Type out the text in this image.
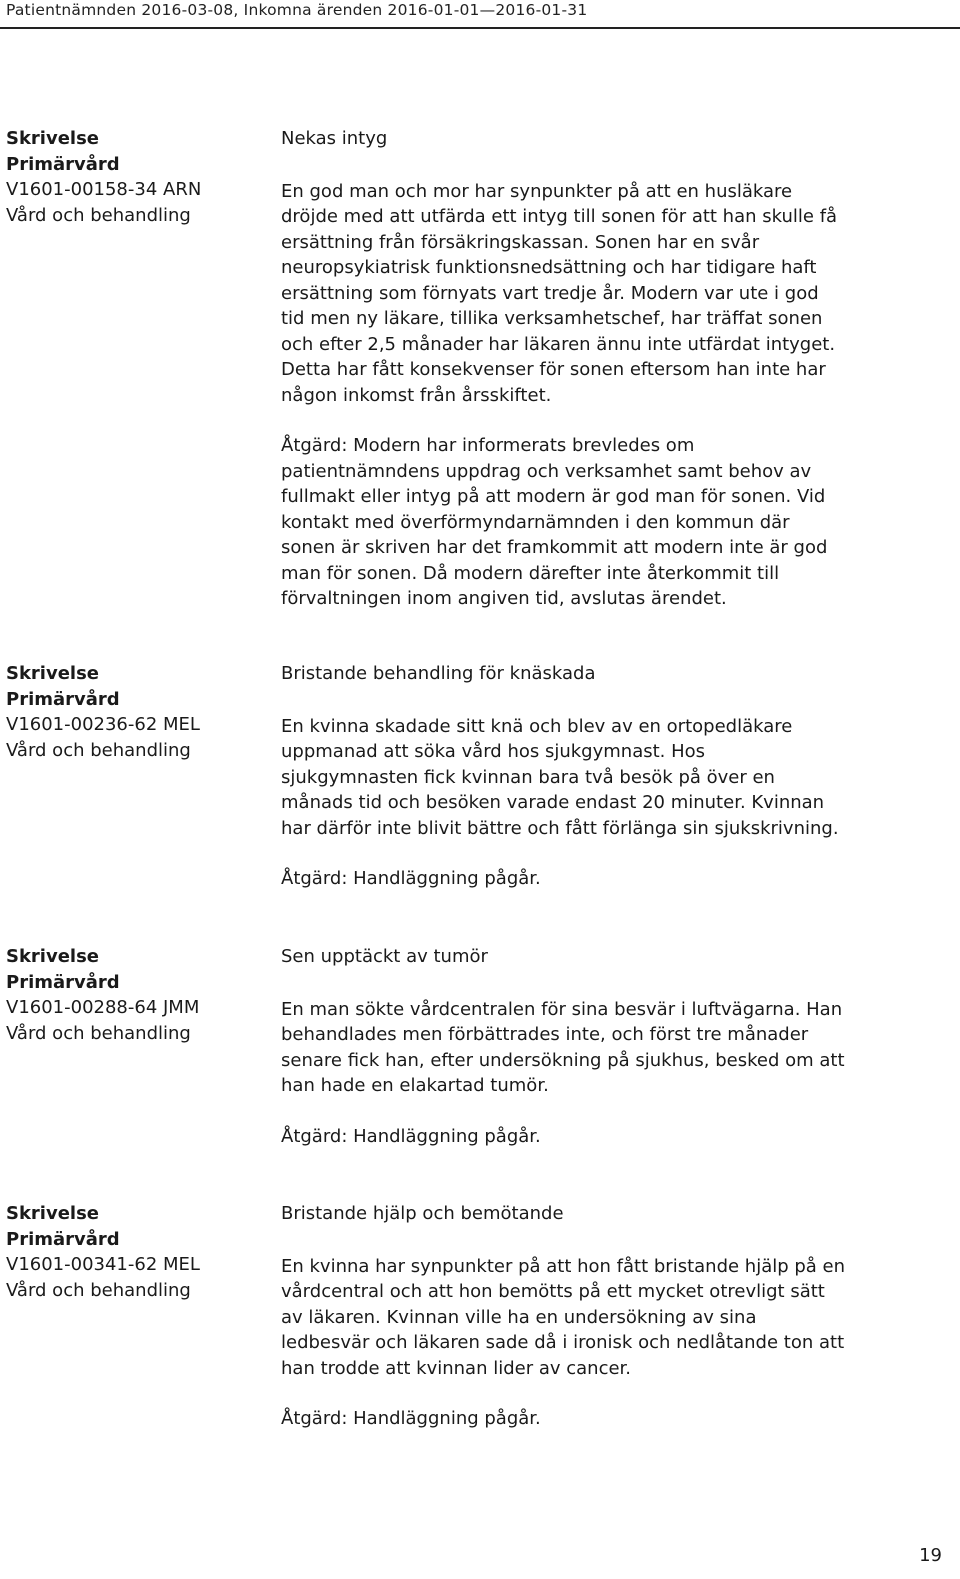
Patientnämnden 2016-03-08, Inkomna ärenden 2016-01-01—2016-01-31
Skrivelse
Primärvård
V1601-00158-34 ARN
Vård och behandling
Nekas intyg
En god man och mor har synpunkter på att en husläkare
dröjde med att utfärda ett intyg till sonen för att han skulle få
ersättning från försäkringskassan. Sonen har en svår
neuropsykiatrisk funktionsnedsättning och har tidigare haft
ersättning som förnyats vart tredje år. Modern var ute i god
tid men ny läkare, tillika verksamhetschef, har träffat sonen
och efter 2,5 månader har läkaren ännu inte utfärdat intyget.
Detta har fått konsekvenser för sonen eftersom han inte har
någon inkomst från årsskiftet.
Åtgärd: Modern har informerats brevledes om
patientnämndens uppdrag och verksamhet samt behov av
fullmakt eller intyg på att modern är god man för sonen. Vid
kontakt med överförmyndarnämnden i den kommun där
sonen är skriven har det framkommit att modern inte är god
man för sonen. Då modern därefter inte återkommit till
förvaltningen inom angiven tid, avslutas ärendet.
Skrivelse
Primärvård
V1601-00236-62 MEL
Vård och behandling
Bristande behandling för knäskada
En kvinna skadade sitt knä och blev av en ortopedläkare
uppmanad att söka vård hos sjukgymnast. Hos
sjukgymnasten fick kvinnan bara två besök på över en
månads tid och besöken varade endast 20 minuter. Kvinnan
har därför inte blivit bättre och fått förlänga sin sjukskrivning.
Åtgärd: Handläggning pågår.
Skrivelse
Primärvård
V1601-00288-64 JMM
Vård och behandling
Sen upptäckt av tumör
En man sökte vårdcentralen för sina besvär i luftvägarna. Han
behandlades men förbättrades inte, och först tre månader
senare fick han, efter undersökning på sjukhus, besked om att
han hade en elakartad tumör.
Åtgärd: Handläggning pågår.
Skrivelse
Primärvård
V1601-00341-62 MEL
Vård och behandling
Bristande hjälp och bemötande
En kvinna har synpunkter på att hon fått bristande hjälp på en
vårdcentral och att hon bemötts på ett mycket otrevligt sätt
av läkaren. Kvinnan ville ha en undersökning av sina
ledbesvär och läkaren sade då i ironisk och nedlåtande ton att
han trodde att kvinnan lider av cancer.
Åtgärd: Handläggning pågår.
19
